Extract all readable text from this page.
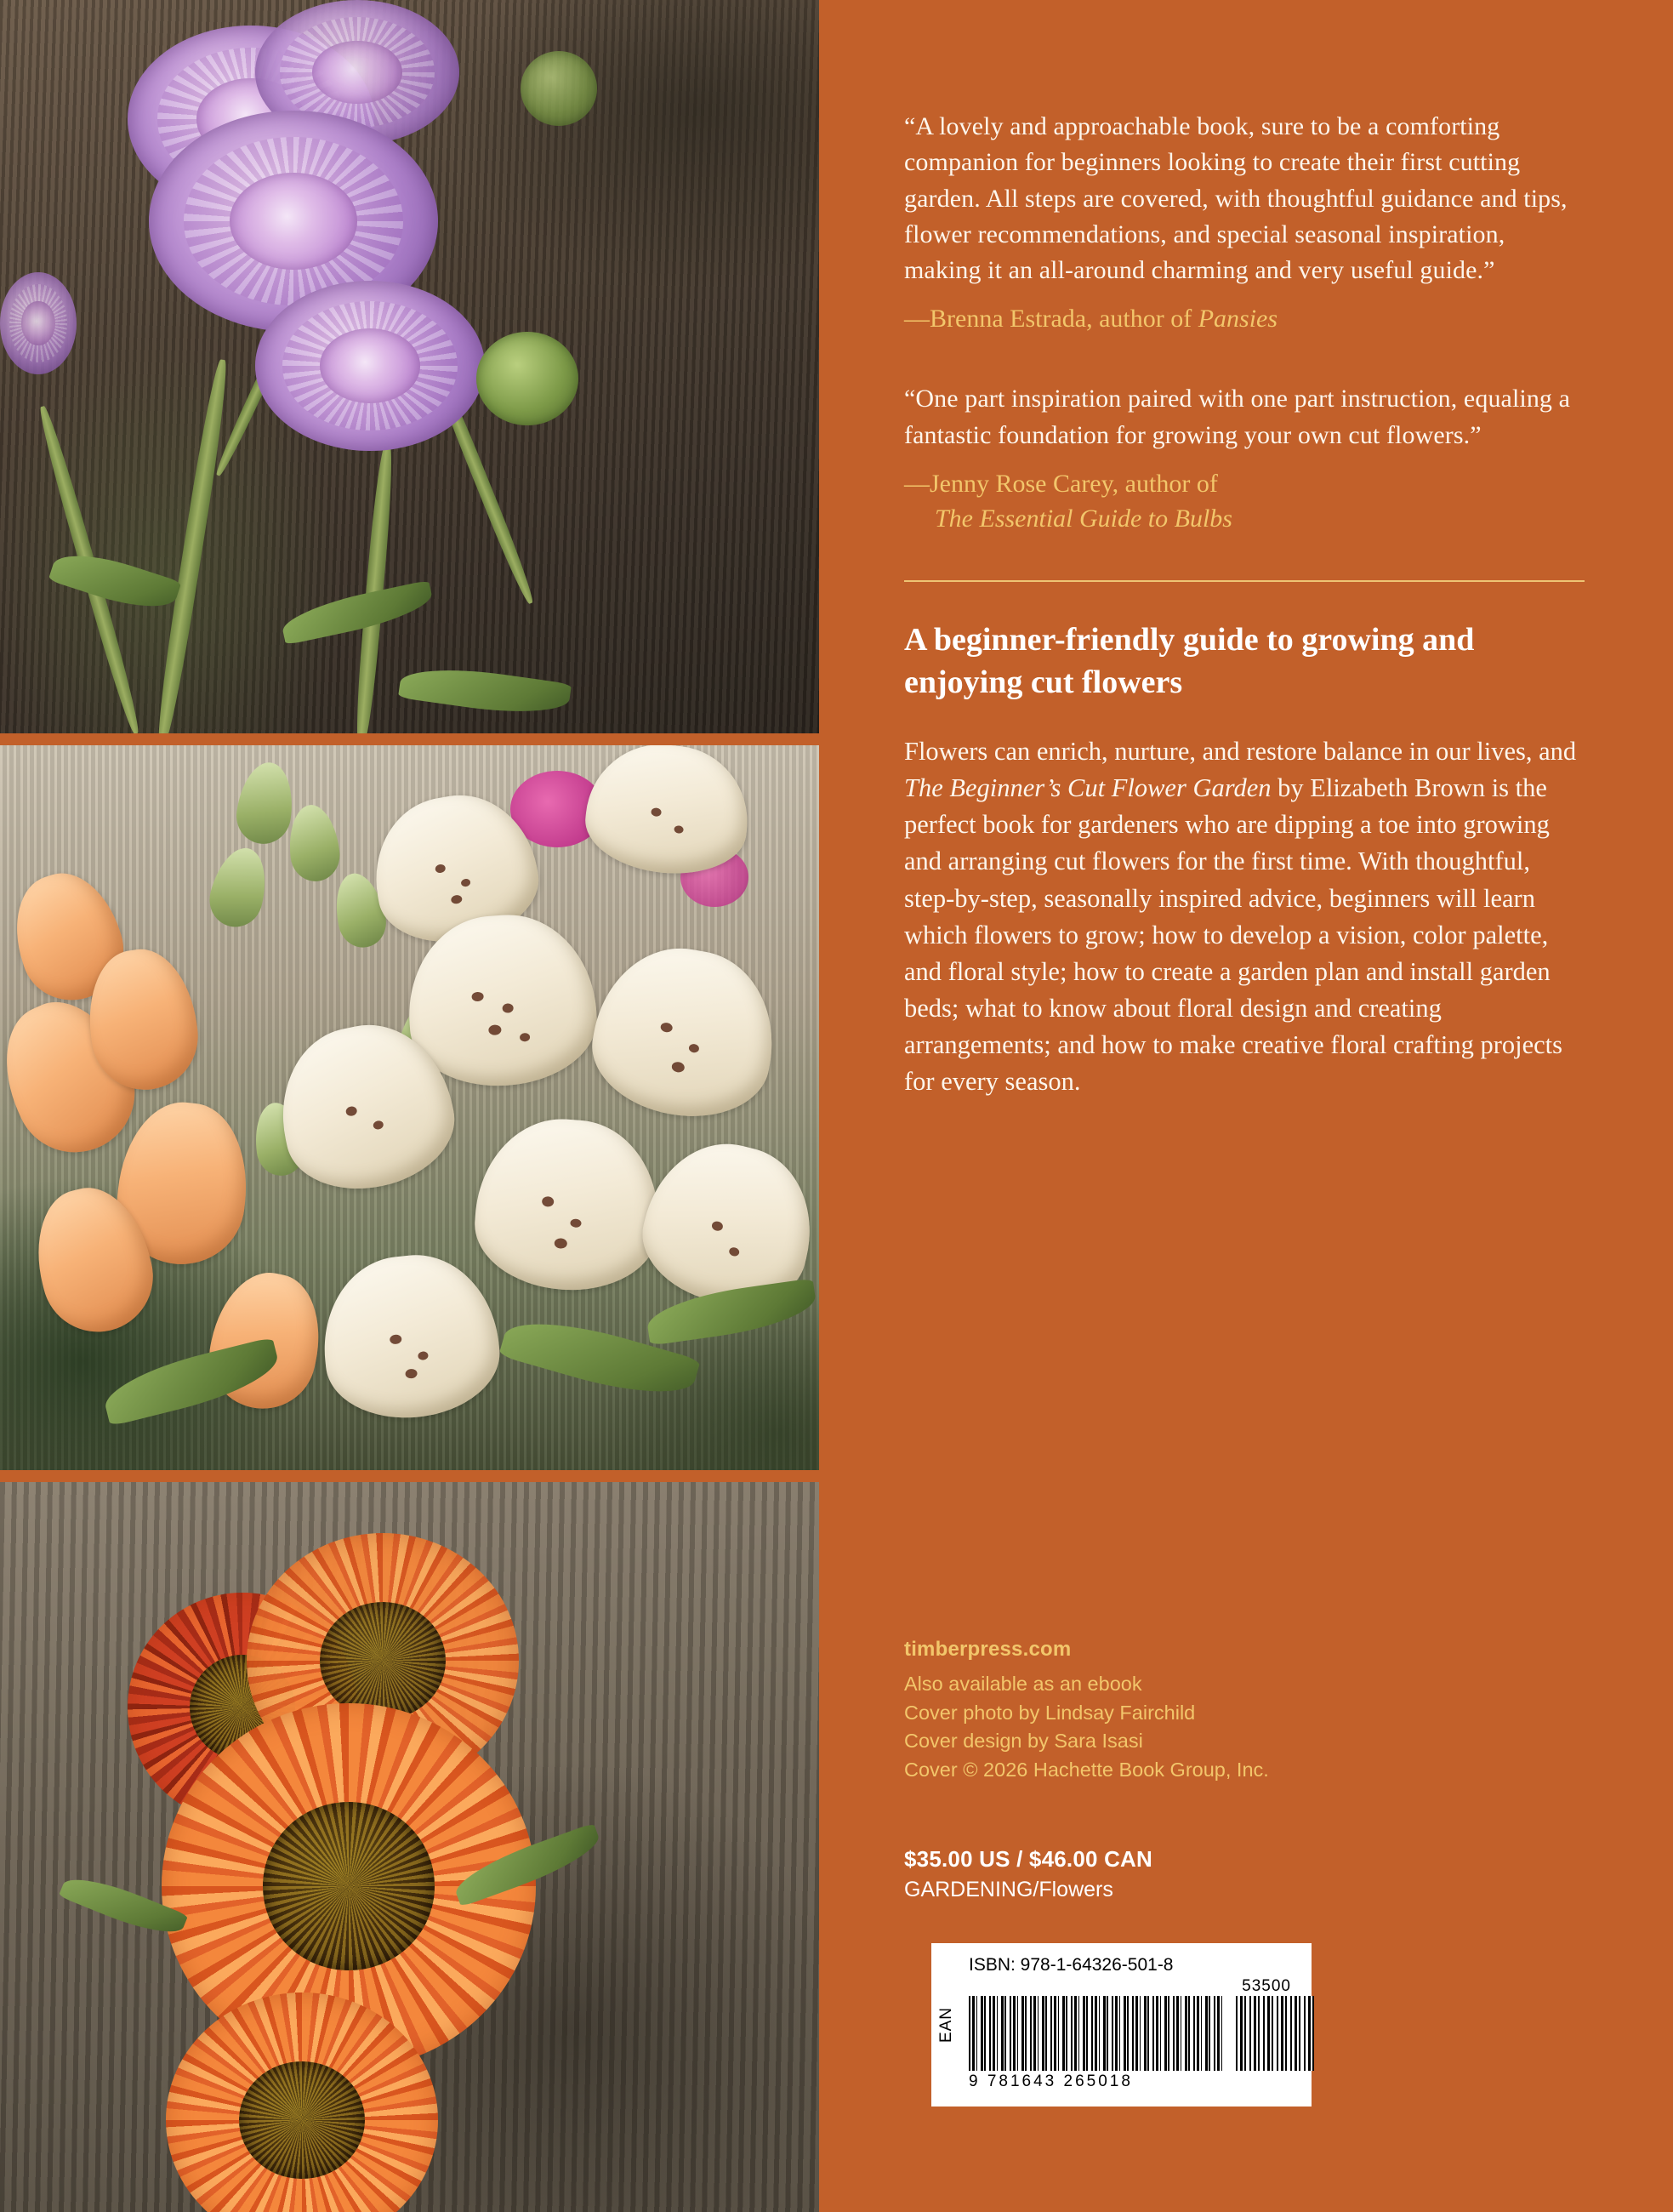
“A lovely and approachable book, sure to be a comforting companion for beginners looking to create their first cutting garden. All steps are covered, with thoughtful guidance and tips, flower recommendations, and special seasonal inspiration, making it an all-around charming and very useful guide.”

—Brenna Estrada, author of Pansies

“One part inspiration paired with one part instruction, equaling a fantastic foundation for growing your own cut flowers.”

—Jenny Rose Carey, author of
The Essential Guide to Bulbs

A beginner-friendly guide to growing and enjoying cut flowers

Flowers can enrich, nurture, and restore balance in our lives, and The Beginner’s Cut Flower Garden by Elizabeth Brown is the perfect book for gardeners who are dipping a toe into growing and arranging cut flowers for the first time. With thoughtful, step-by-step, seasonally inspired advice, beginners will learn which flowers to grow; how to develop a vision, color palette, and floral style; how to create a garden plan and install garden beds; what to know about floral design and creating arrangements; and how to make creative floral crafting projects for every season.

timberpress.com
Also available as an ebook
Cover photo by Lindsay Fairchild
Cover design by Sara Isasi
Cover © 2026 Hachette Book Group, Inc.
$35.00 US / $46.00 CAN
GARDENING/Flowers
EAN
ISBN: 978-1-64326-501-8
53500
9 781643 265018
